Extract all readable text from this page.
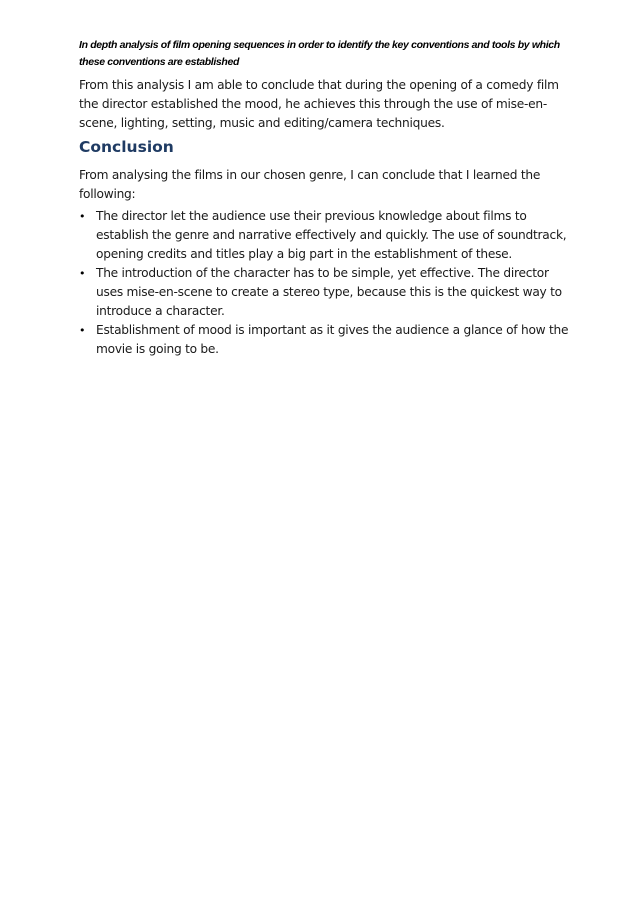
In depth analysis of film opening sequences in order to identify the key conventions and tools by which these conventions are established
From this analysis I am able to conclude that during the opening of a comedy film the director established the mood, he achieves this through the use of mise-en-scene, lighting, setting, music and editing/camera techniques.
Conclusion
From analysing the films in our chosen genre, I can conclude that I learned the following:
• The director let the audience use their previous knowledge about films to establish the genre and narrative effectively and quickly. The use of soundtrack, opening credits and titles play a big part in the establishment of these.
• The introduction of the character has to be simple, yet effective. The director uses mise-en-scene to create a stereo type, because this is the quickest way to introduce a character.
• Establishment of mood is important as it gives the audience a glance of how the movie is going to be.
